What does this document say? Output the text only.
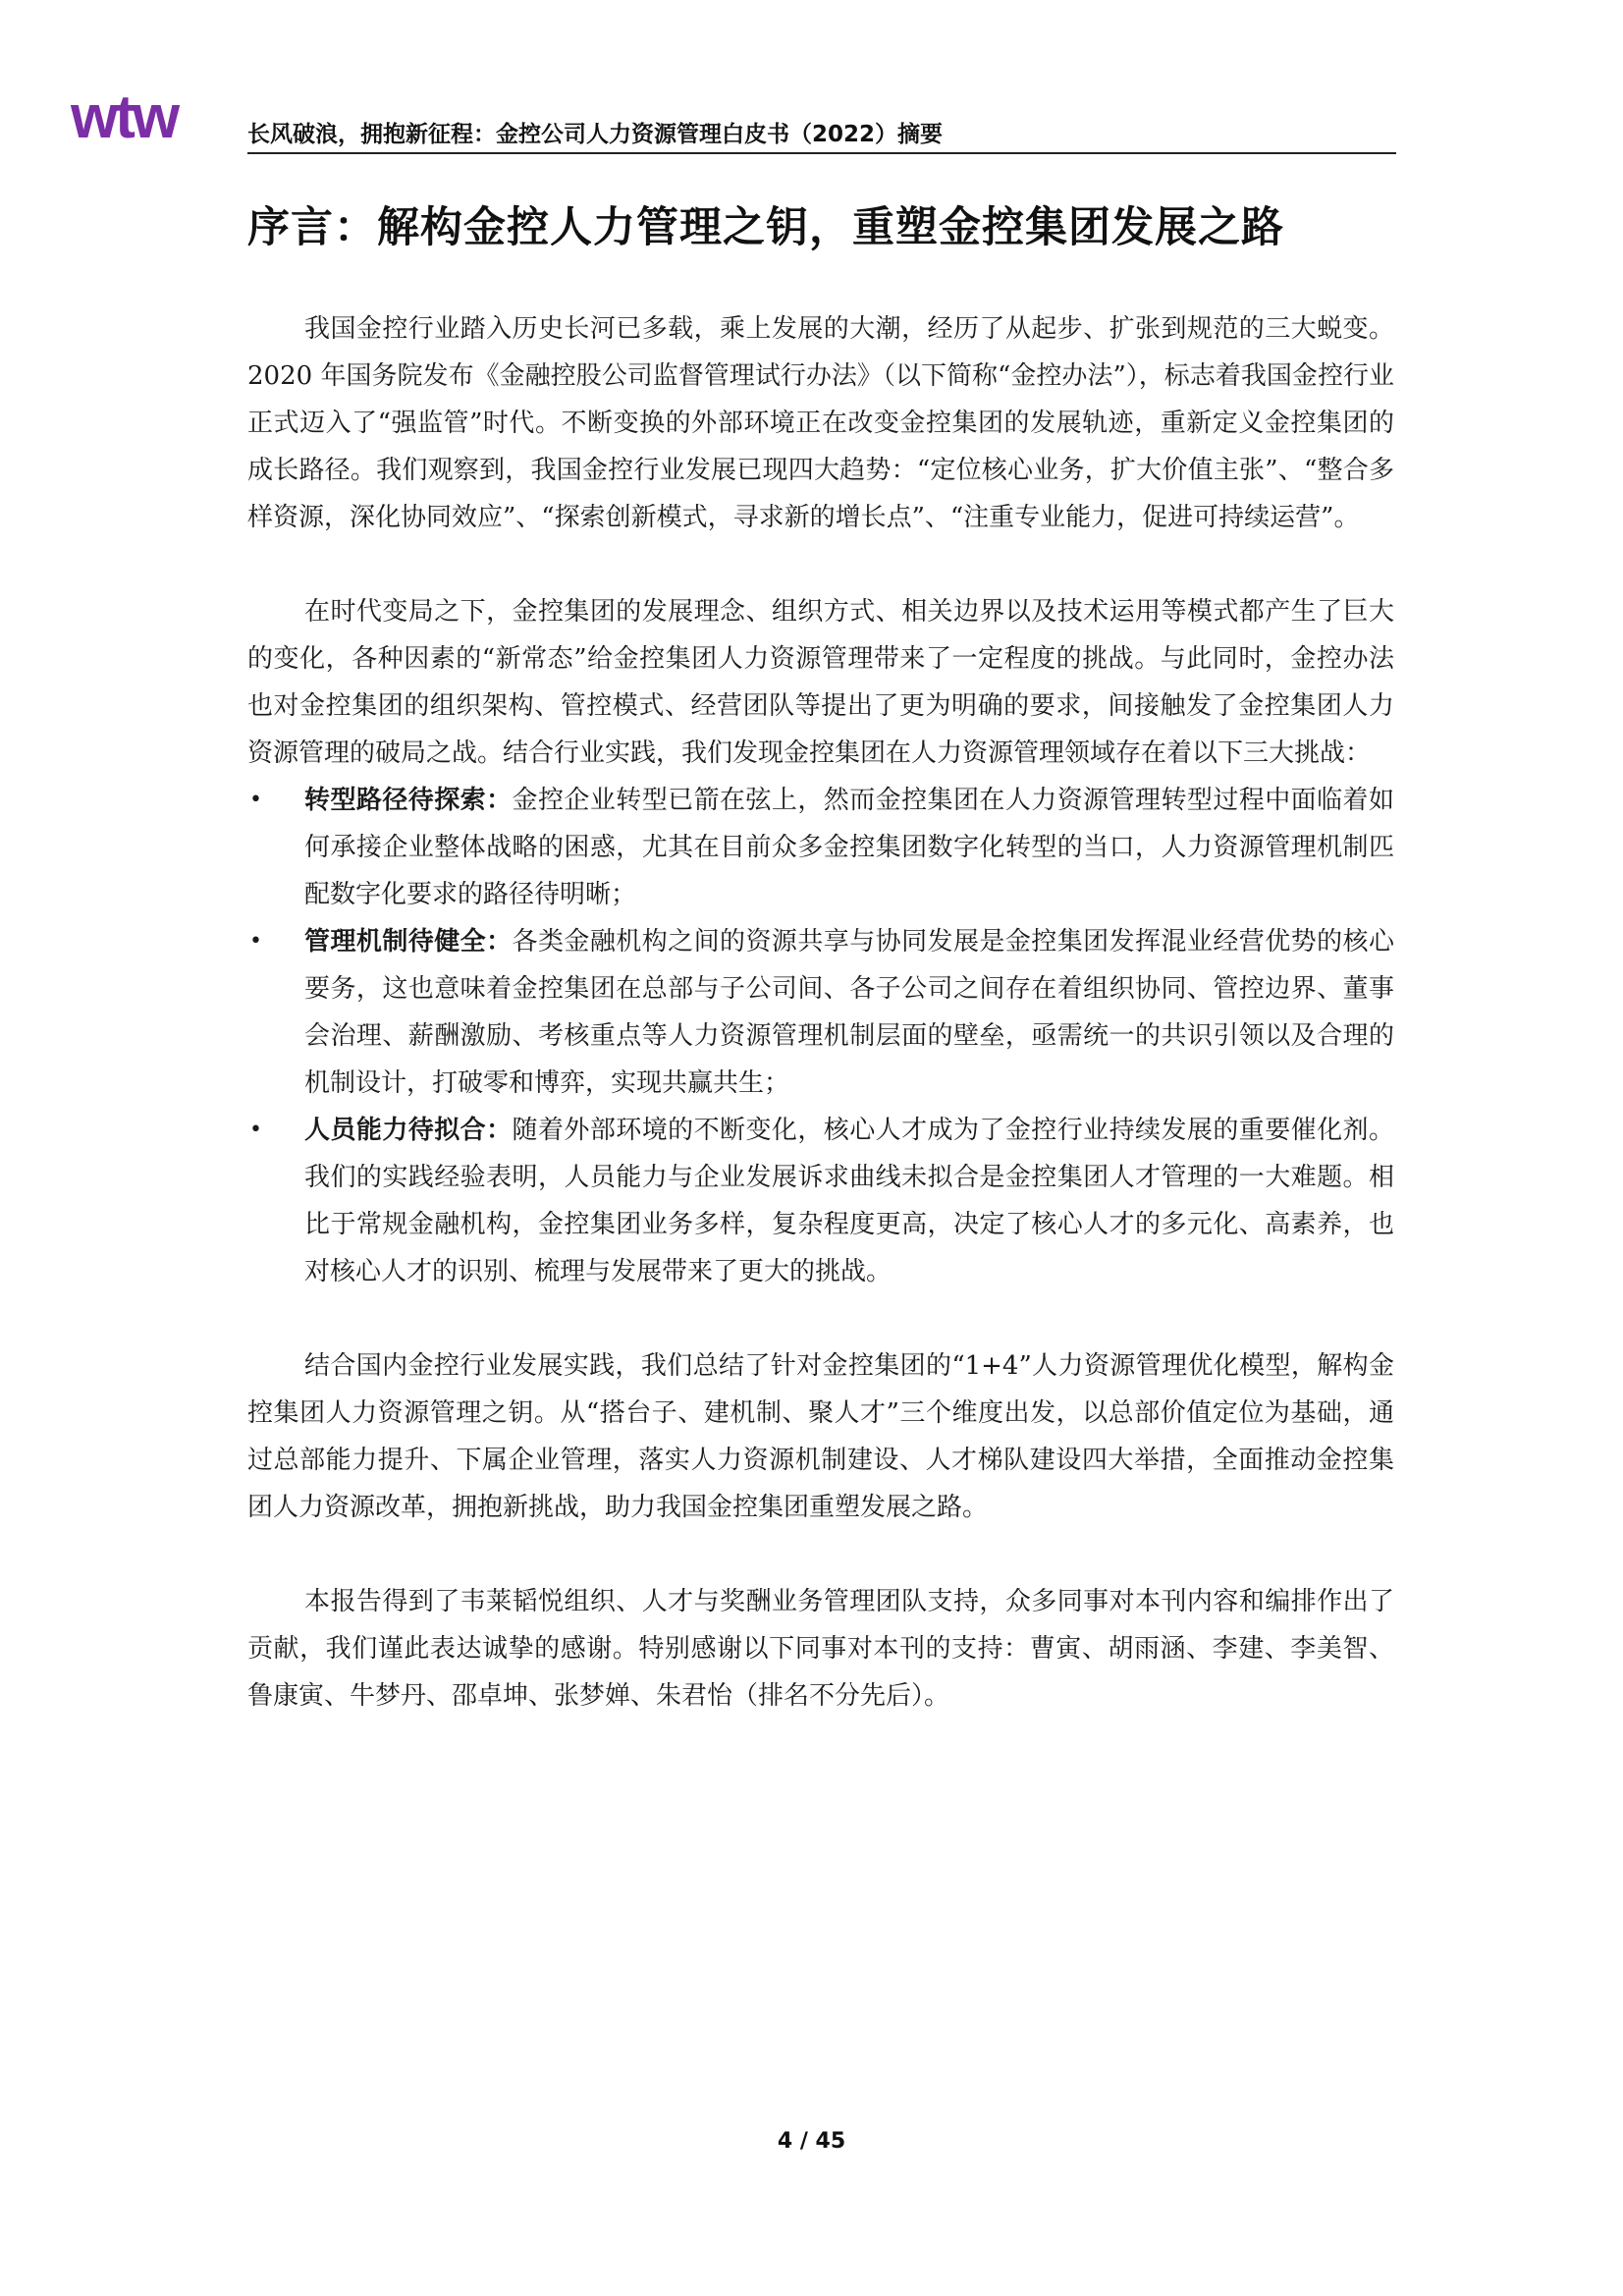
wtw	长风破浪，拥抱新征程：金控公司人力资源管理白皮书（2022）摘要
序言：解构金控人力管理之钥，重塑金控集团发展之路

我国金控行业踏入历史长河已多载，乘上发展的大潮，经历了从起步、扩张到规范的三大蜕变。2020 年国务院发布《金融控股公司监督管理试行办法》（以下简称“金控办法”），标志着我国金控行业正式迈入了“强监管”时代。不断变换的外部环境正在改变金控集团的发展轨迹，重新定义金控集团的成长路径。我们观察到，我国金控行业发展已现四大趋势：“定位核心业务，扩大价值主张”、“整合多样资源，深化协同效应”、“探索创新模式，寻求新的增长点”、“注重专业能力，促进可持续运营”。

在时代变局之下，金控集团的发展理念、组织方式、相关边界以及技术运用等模式都产生了巨大的变化，各种因素的“新常态”给金控集团人力资源管理带来了一定程度的挑战。与此同时，金控办法也对金控集团的组织架构、管控模式、经营团队等提出了更为明确的要求，间接触发了金控集团人力资源管理的破局之战。结合行业实践，我们发现金控集团在人力资源管理领域存在着以下三大挑战：

• 转型路径待探索：金控企业转型已箭在弦上，然而金控集团在人力资源管理转型过程中面临着如何承接企业整体战略的困惑，尤其在目前众多金控集团数字化转型的当口，人力资源管理机制匹配数字化要求的路径待明晰；
• 管理机制待健全：各类金融机构之间的资源共享与协同发展是金控集团发挥混业经营优势的核心要务，这也意味着金控集团在总部与子公司间、各子公司之间存在着组织协同、管控边界、董事会治理、薪酬激励、考核重点等人力资源管理机制层面的壁垒，亟需统一的共识引领以及合理的机制设计，打破零和博弈，实现共赢共生；
• 人员能力待拟合：随着外部环境的不断变化，核心人才成为了金控行业持续发展的重要催化剂。我们的实践经验表明，人员能力与企业发展诉求曲线未拟合是金控集团人才管理的一大难题。相比于常规金融机构，金控集团业务多样，复杂程度更高，决定了核心人才的多元化、高素养，也对核心人才的识别、梳理与发展带来了更大的挑战。

结合国内金控行业发展实践，我们总结了针对金控集团的“1+4”人力资源管理优化模型，解构金控集团人力资源管理之钥。从“搭台子、建机制、聚人才”三个维度出发，以总部价值定位为基础，通过总部能力提升、下属企业管理，落实人力资源机制建设、人才梯队建设四大举措，全面推动金控集团人力资源改革，拥抱新挑战，助力我国金控集团重塑发展之路。

本报告得到了韦莱韬悦组织、人才与奖酬业务管理团队支持，众多同事对本刊内容和编排作出了贡献，我们谨此表达诚挚的感谢。特别感谢以下同事对本刊的支持：曹寅、胡雨涵、李建、李美智、鲁康寅、牛梦丹、邵卓坤、张梦婵、朱君怡（排名不分先后）。

4 / 45
